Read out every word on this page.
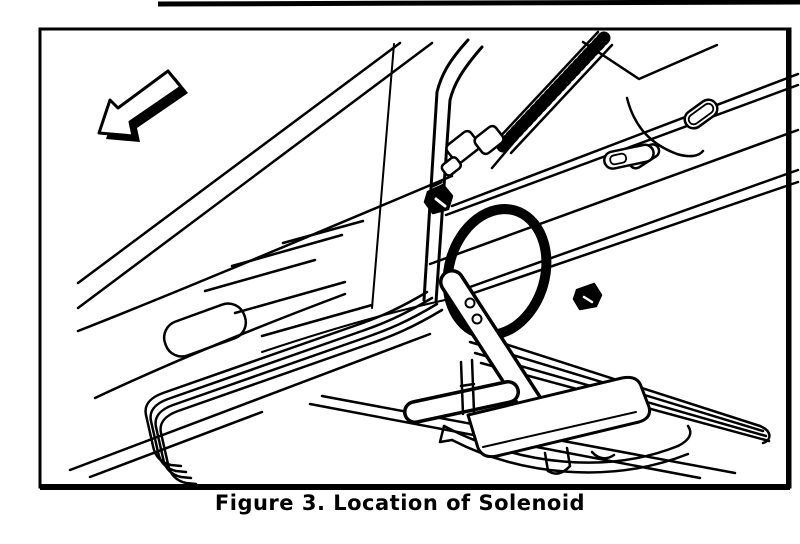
Figure 3. Location of Solenoid
